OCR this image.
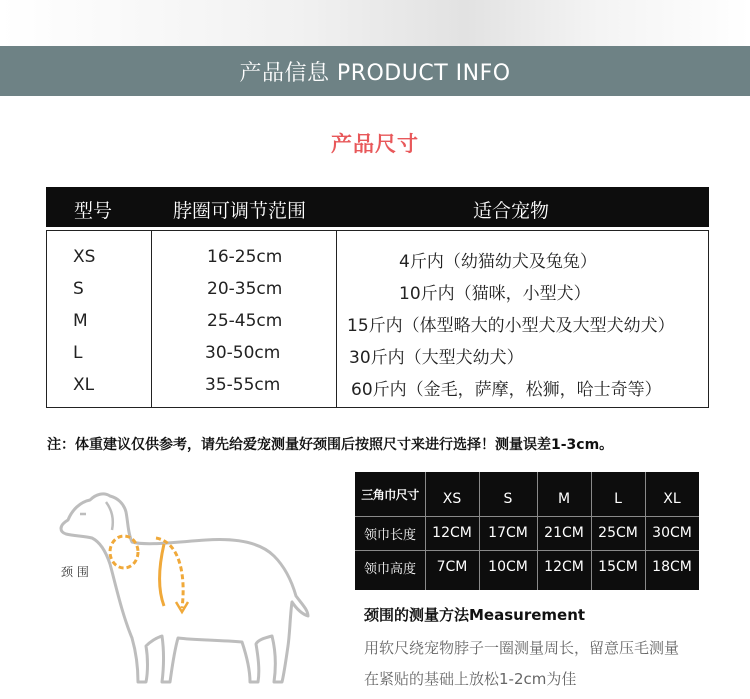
产品信息 PRODUCT INFO
产品尺寸
型号	脖圈可调节范围	适合宠物
XS	16-25cm	4斤内（幼猫幼犬及兔兔）
S	20-35cm	10斤内（猫咪，小型犬）
M	25-45cm	15斤内（体型略大的小型犬及大型犬幼犬）
L	30-50cm	30斤内（大型犬幼犬）
XL	35-55cm	60斤内（金毛，萨摩，松狮，哈士奇等）
注：体重建议仅供参考，请先给爱宠测量好颈围后按照尺寸来进行选择！测量误差1-3cm。
颈 围
三角巾尺寸	XS	S	M	L	XL
领巾长度	12CM	17CM	21CM	25CM	30CM
领巾高度	7CM	10CM	12CM	15CM	18CM
颈围的测量方法Measurement
用软尺绕宠物脖子一圈测量周长，留意压毛测量
在紧贴的基础上放松1-2cm为佳
